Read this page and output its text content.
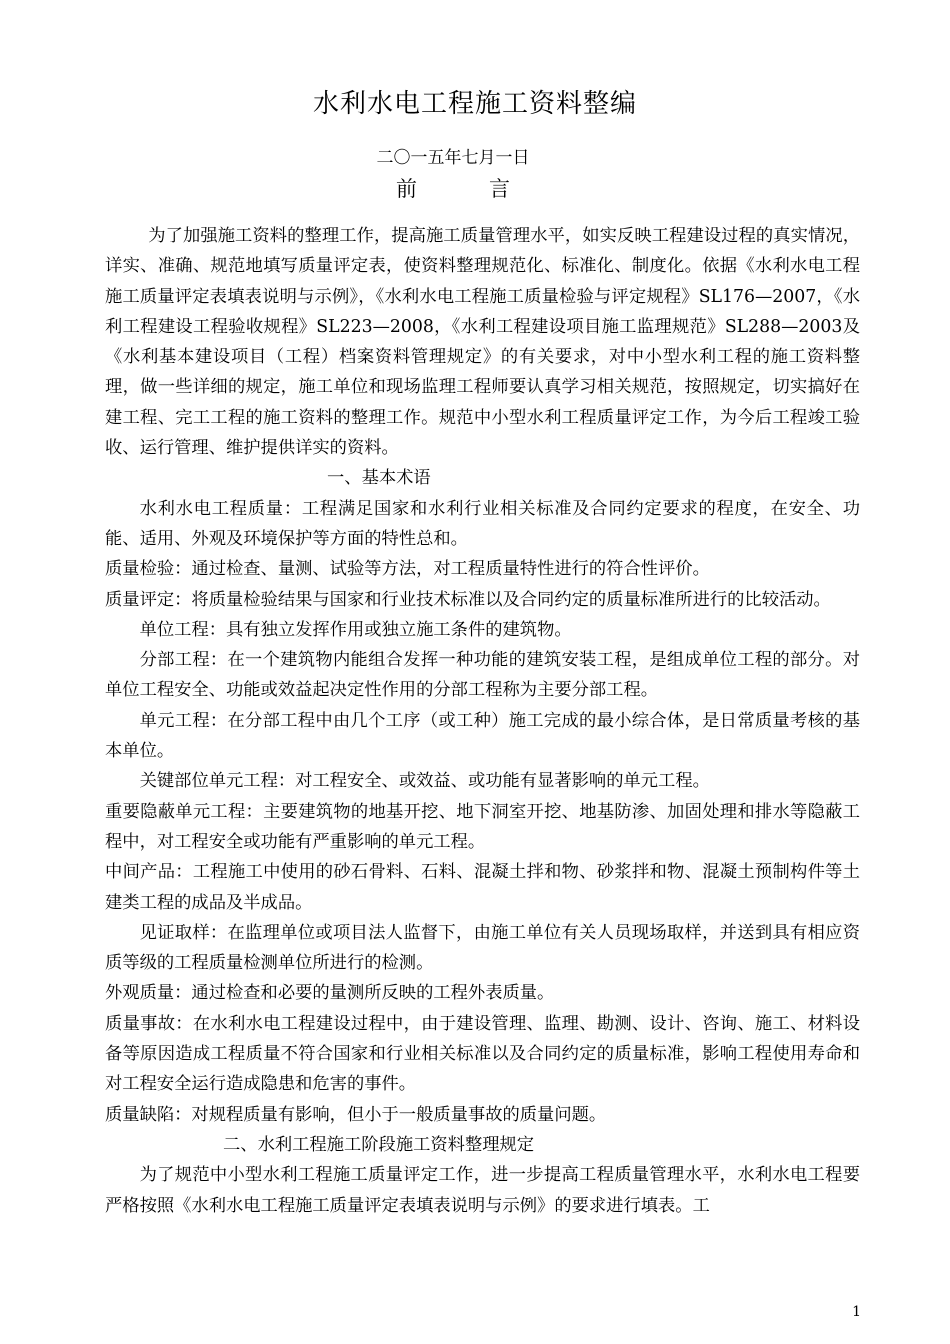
水利水电工程施工资料整编
二〇一五年七月一日
前	言

为了加强施工资料的整理工作，提高施工质量管理水平，如实反映工程建设过程的真实情况，详实、准确、规范地填写质量评定表，使资料整理规范化、标准化、制度化。依据《水利水电工程施工质量评定表填表说明与示例》，《水利水电工程施工质量检验与评定规程》SL176—2007，《水利工程建设工程验收规程》SL223—2008，《水利工程建设项目施工监理规范》SL288—2003及《水利基本建设项目（工程）档案资料管理规定》的有关要求，对中小型水利工程的施工资料整理，做一些详细的规定，施工单位和现场监理工程师要认真学习相关规范，按照规定，切实搞好在建工程、完工工程的施工资料的整理工作。规范中小型水利工程质量评定工作，为今后工程竣工验收、运行管理、维护提供详实的资料。

一、基本术语

水利水电工程质量：工程满足国家和水利行业相关标准及合同约定要求的程度，在安全、功能、适用、外观及环境保护等方面的特性总和。

质量检验：通过检查、量测、试验等方法，对工程质量特性进行的符合性评价。

质量评定：将质量检验结果与国家和行业技术标准以及合同约定的质量标准所进行的比较活动。

单位工程：具有独立发挥作用或独立施工条件的建筑物。

分部工程：在一个建筑物内能组合发挥一种功能的建筑安装工程，是组成单位工程的部分。对单位工程安全、功能或效益起决定性作用的分部工程称为主要分部工程。

单元工程：在分部工程中由几个工序（或工种）施工完成的最小综合体，是日常质量考核的基本单位。

关键部位单元工程：对工程安全、或效益、或功能有显著影响的单元工程。

重要隐蔽单元工程：主要建筑物的地基开挖、地下洞室开挖、地基防渗、加固处理和排水等隐蔽工程中，对工程安全或功能有严重影响的单元工程。

中间产品：工程施工中使用的砂石骨料、石料、混凝土拌和物、砂浆拌和物、混凝土预制构件等土建类工程的成品及半成品。

见证取样：在监理单位或项目法人监督下，由施工单位有关人员现场取样，并送到具有相应资质等级的工程质量检测单位所进行的检测。

外观质量：通过检查和必要的量测所反映的工程外表质量。

质量事故：在水利水电工程建设过程中，由于建设管理、监理、勘测、设计、咨询、施工、材料设备等原因造成工程质量不符合国家和行业相关标准以及合同约定的质量标准，影响工程使用寿命和对工程安全运行造成隐患和危害的事件。

质量缺陷：对规程质量有影响，但小于一般质量事故的质量问题。

二、水利工程施工阶段施工资料整理规定

为了规范中小型水利工程施工质量评定工作，进一步提高工程质量管理水平，水利水电工程要严格按照《水利水电工程施工质量评定表填表说明与示例》的要求进行填表。工

1
